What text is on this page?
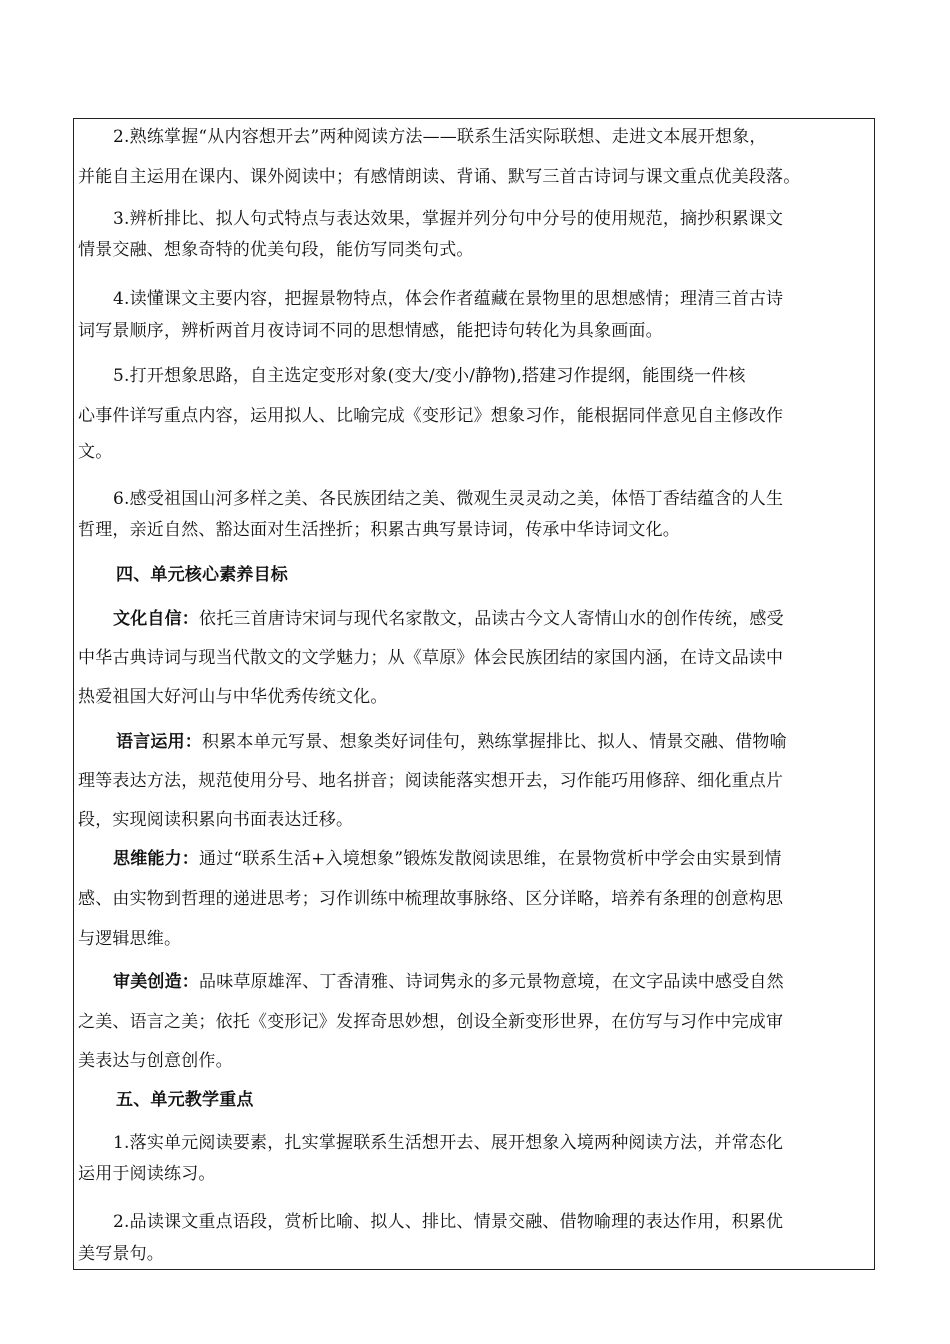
2.熟练掌握“从内容想开去”两种阅读方法——联系生活实际联想、走进文本展开想象，
并能自主运用在课内、课外阅读中；有感情朗读、背诵、默写三首古诗词与课文重点优美段落。
3.辨析排比、拟人句式特点与表达效果，掌握并列分句中分号的使用规范，摘抄积累课文
情景交融、想象奇特的优美句段，能仿写同类句式。
4.读懂课文主要内容，把握景物特点，体会作者蕴藏在景物里的思想感情；理清三首古诗
词写景顺序，辨析两首月夜诗词不同的思想情感，能把诗句转化为具象画面。
5.打开想象思路，自主选定变形对象(变大/变小/静物),搭建习作提纲，能围绕一件核
心事件详写重点内容，运用拟人、比喻完成《变形记》想象习作，能根据同伴意见自主修改作
文。
6.感受祖国山河多样之美、各民族团结之美、微观生灵灵动之美，体悟丁香结蕴含的人生
哲理，亲近自然、豁达面对生活挫折；积累古典写景诗词，传承中华诗词文化。
四、单元核心素养目标
文化自信：依托三首唐诗宋词与现代名家散文，品读古今文人寄情山水的创作传统，感受
中华古典诗词与现当代散文的文学魅力；从《草原》体会民族团结的家国内涵，在诗文品读中
热爱祖国大好河山与中华优秀传统文化。
语言运用：积累本单元写景、想象类好词佳句，熟练掌握排比、拟人、情景交融、借物喻
理等表达方法，规范使用分号、地名拼音；阅读能落实想开去，习作能巧用修辞、细化重点片
段，实现阅读积累向书面表达迁移。
思维能力：通过“联系生活+入境想象”锻炼发散阅读思维，在景物赏析中学会由实景到情
感、由实物到哲理的递进思考；习作训练中梳理故事脉络、区分详略，培养有条理的创意构思
与逻辑思维。
审美创造：品味草原雄浑、丁香清雅、诗词隽永的多元景物意境，在文字品读中感受自然
之美、语言之美；依托《变形记》发挥奇思妙想，创设全新变形世界，在仿写与习作中完成审
美表达与创意创作。
五、单元教学重点
1.落实单元阅读要素，扎实掌握联系生活想开去、展开想象入境两种阅读方法，并常态化
运用于阅读练习。
2.品读课文重点语段，赏析比喻、拟人、排比、情景交融、借物喻理的表达作用，积累优
美写景句。
